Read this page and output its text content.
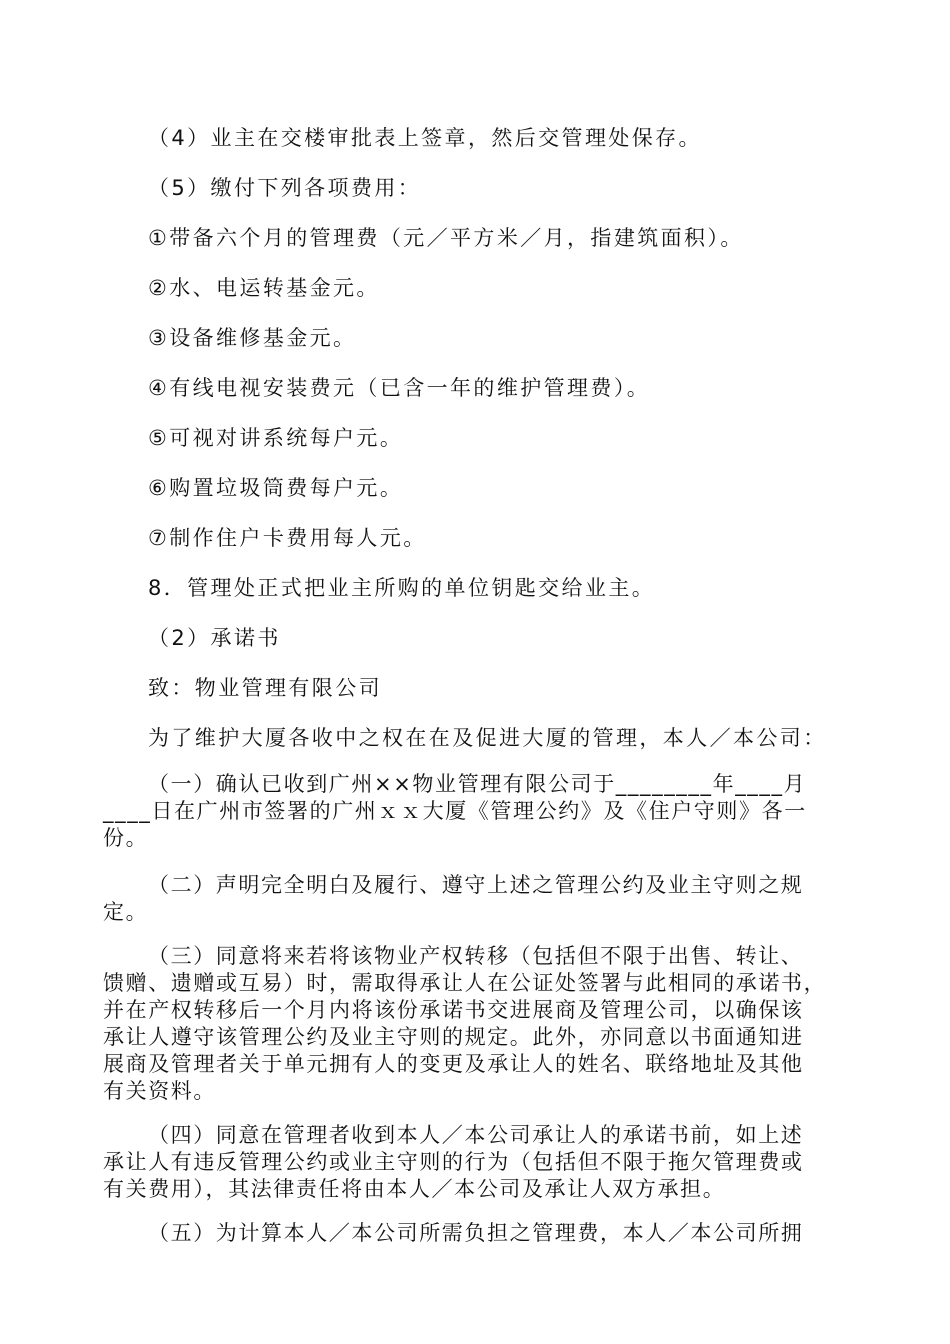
（4）业主在交楼审批表上签章，然后交管理处保存。
（5）缴付下列各项费用：
①带备六个月的管理费（元／平方米／月，指建筑面积）。
②水、电运转基金元。
③设备维修基金元。
④有线电视安装费元（已含一年的维护管理费）。
⑤可视对讲系统每户元。
⑥购置垃圾筒费每户元。
⑦制作住户卡费用每人元。
8．管理处正式把业主所购的单位钥匙交给业主。
（2）承诺书
致：物业管理有限公司
为了维护大厦各收中之权在在及促进大厦的管理，本人／本公司：
（一）确认已收到广州××物业管理有限公司于________年____月
____日在广州市签署的广州ｘｘ大厦《管理公约》及《住户守则》各一
份。
（二）声明完全明白及履行、遵守上述之管理公约及业主守则之规
定。
（三）同意将来若将该物业产权转移（包括但不限于出售、转让、
馈赠、遗赠或互易）时，需取得承让人在公证处签署与此相同的承诺书，
并在产权转移后一个月内将该份承诺书交进展商及管理公司，以确保该
承让人遵守该管理公约及业主守则的规定。此外，亦同意以书面通知进
展商及管理者关于单元拥有人的变更及承让人的姓名、联络地址及其他
有关资料。
（四）同意在管理者收到本人／本公司承让人的承诺书前，如上述
承让人有违反管理公约或业主守则的行为（包括但不限于拖欠管理费或
有关费用），其法律责任将由本人／本公司及承让人双方承担。
（五）为计算本人／本公司所需负担之管理费，本人／本公司所拥
